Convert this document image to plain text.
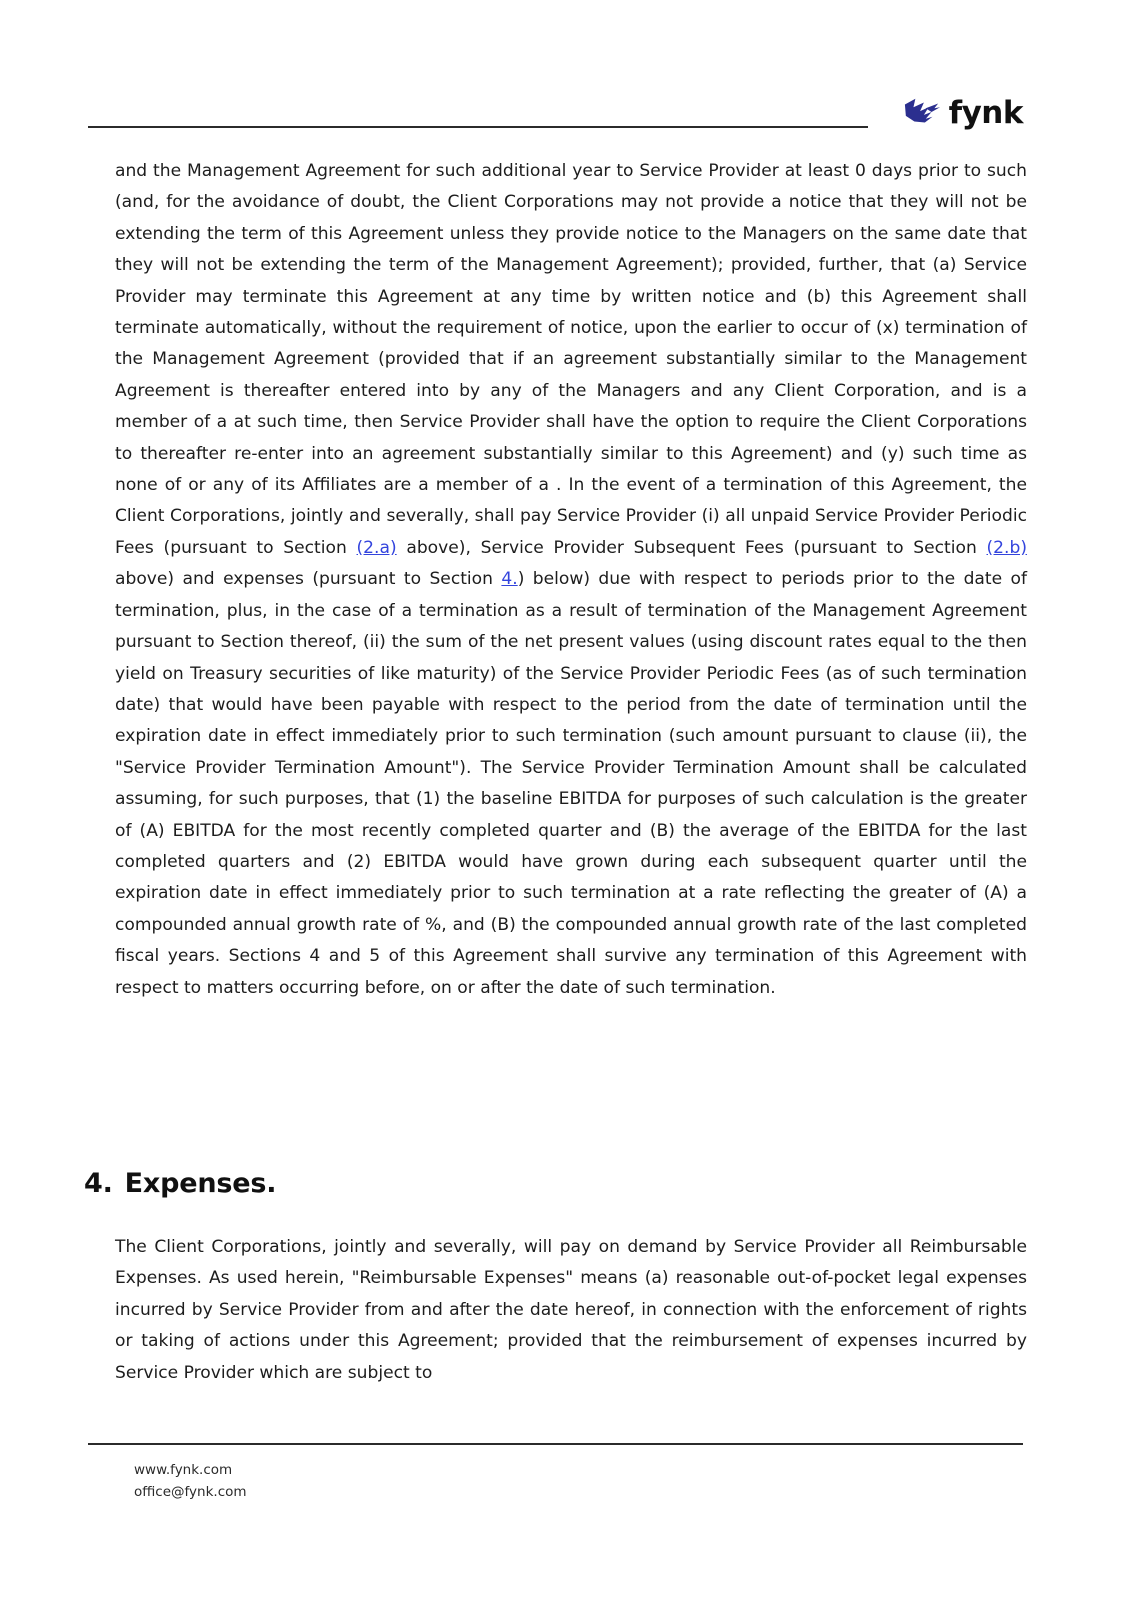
fynk

and the Management Agreement for such additional year to Service Provider at least 0 days prior to such (and, for the avoidance of doubt, the Client Corporations may not provide a notice that they will not be extending the term of this Agreement unless they provide notice to the Managers on the same date that they will not be extending the term of the Management Agreement); provided, further, that (a) Service Provider may terminate this Agreement at any time by written notice and (b) this Agreement shall terminate automatically, without the requirement of notice, upon the earlier to occur of (x) termination of the Management Agreement (provided that if an agreement substantially similar to the Management Agreement is thereafter entered into by any of the Managers and any Client Corporation, and is a member of a at such time, then Service Provider shall have the option to require the Client Corporations to thereafter re-enter into an agreement substantially similar to this Agreement) and (y) such time as none of or any of its Affiliates are a member of a . In the event of a termination of this Agreement, the Client Corporations, jointly and severally, shall pay Service Provider (i) all unpaid Service Provider Periodic Fees (pursuant to Section (2.a) above), Service Provider Subsequent Fees (pursuant to Section (2.b) above) and expenses (pursuant to Section 4.) below) due with respect to periods prior to the date of termination, plus, in the case of a termination as a result of termination of the Management Agreement pursuant to Section thereof, (ii) the sum of the net present values (using discount rates equal to the then yield on Treasury securities of like maturity) of the Service Provider Periodic Fees (as of such termination date) that would have been payable with respect to the period from the date of termination until the expiration date in effect immediately prior to such termination (such amount pursuant to clause (ii), the "Service Provider Termination Amount"). The Service Provider Termination Amount shall be calculated assuming, for such purposes, that (1) the baseline EBITDA for purposes of such calculation is the greater of (A) EBITDA for the most recently completed quarter and (B) the average of the EBITDA for the last completed quarters and (2) EBITDA would have grown during each subsequent quarter until the expiration date in effect immediately prior to such termination at a rate reflecting the greater of (A) a compounded annual growth rate of %, and (B) the compounded annual growth rate of the last completed fiscal years. Sections 4 and 5 of this Agreement shall survive any termination of this Agreement with respect to matters occurring before, on or after the date of such termination.

4. Expenses.

The Client Corporations, jointly and severally, will pay on demand by Service Provider all Reimbursable Expenses. As used herein, "Reimbursable Expenses" means (a) reasonable out-of-pocket legal expenses incurred by Service Provider from and after the date hereof, in connection with the enforcement of rights or taking of actions under this Agreement; provided that the reimbursement of expenses incurred by Service Provider which are subject to

www.fynk.com
office@fynk.com
